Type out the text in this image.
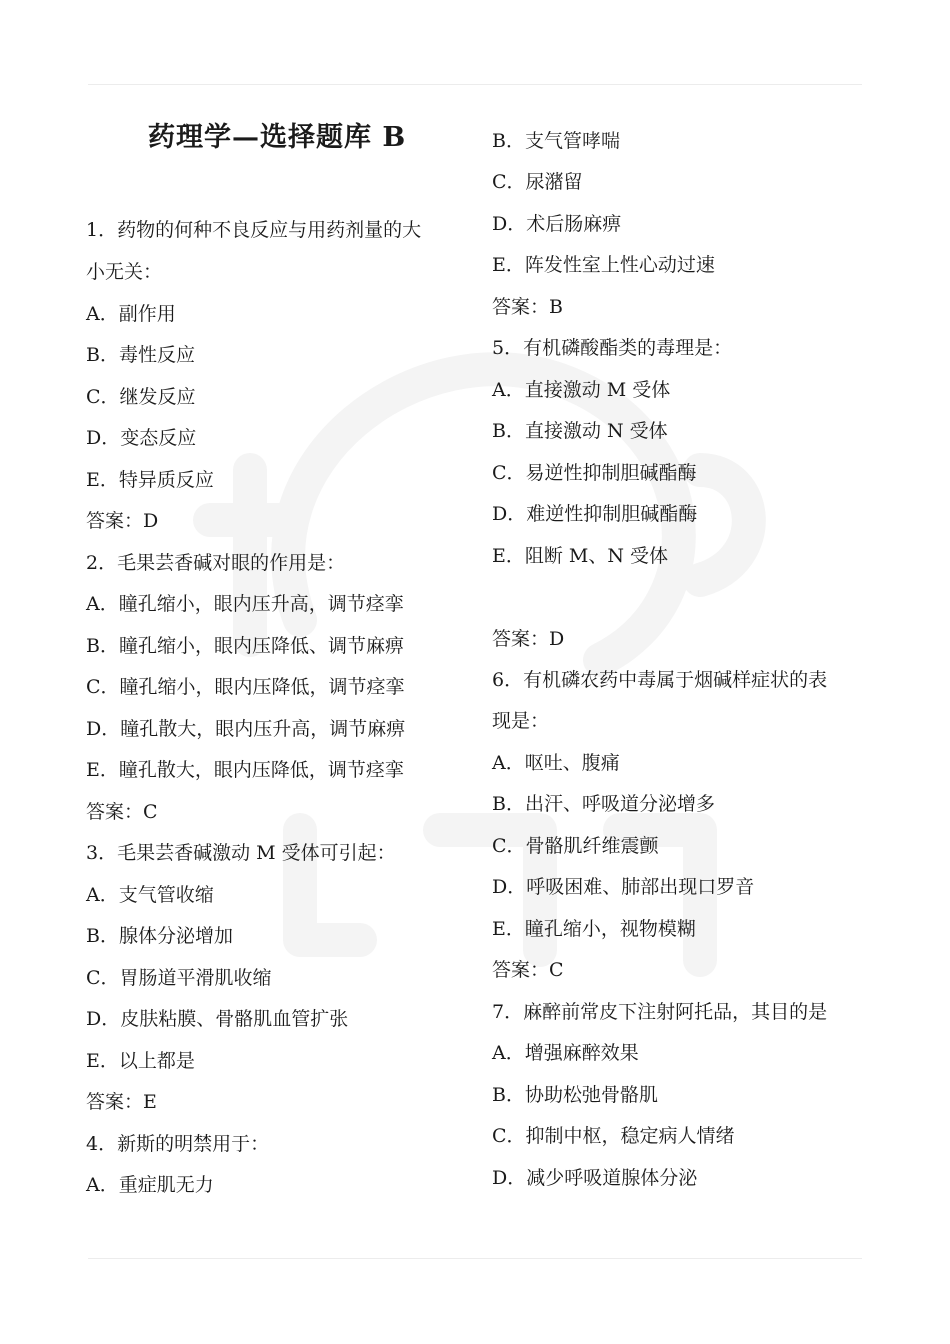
药理学—选择题库 B
1．药物的何种不良反应与用药剂量的大
小无关：
A．副作用
B．毒性反应
C．继发反应
D．变态反应
E．特异质反应
答案：D
2．毛果芸香碱对眼的作用是：
A．瞳孔缩小，眼内压升高，调节痉挛
B．瞳孔缩小，眼内压降低、调节麻痹
C．瞳孔缩小，眼内压降低，调节痉挛
D．瞳孔散大，眼内压升高，调节麻痹
E．瞳孔散大，眼内压降低，调节痉挛
答案：C
3．毛果芸香碱激动 M 受体可引起：
A．支气管收缩
B．腺体分泌增加
C．胃肠道平滑肌收缩
D．皮肤粘膜、骨骼肌血管扩张
E．以上都是
答案：E
4．新斯的明禁用于：
A．重症肌无力
B．支气管哮喘
C．尿潴留
D．术后肠麻痹
E．阵发性室上性心动过速
答案：B
5．有机磷酸酯类的毒理是：
A．直接激动 M 受体
B．直接激动 N 受体
C．易逆性抑制胆碱酯酶
D．难逆性抑制胆碱酯酶
E．阻断 M、N 受体
答案：D
6．有机磷农药中毒属于烟碱样症状的表
现是：
A．呕吐、腹痛
B．出汗、呼吸道分泌增多
C．骨骼肌纤维震颤
D．呼吸困难、肺部出现口罗音
E．瞳孔缩小，视物模糊
答案：C
7．麻醉前常皮下注射阿托品，其目的是
A．增强麻醉效果
B．协助松弛骨骼肌
C．抑制中枢，稳定病人情绪
D．减少呼吸道腺体分泌
